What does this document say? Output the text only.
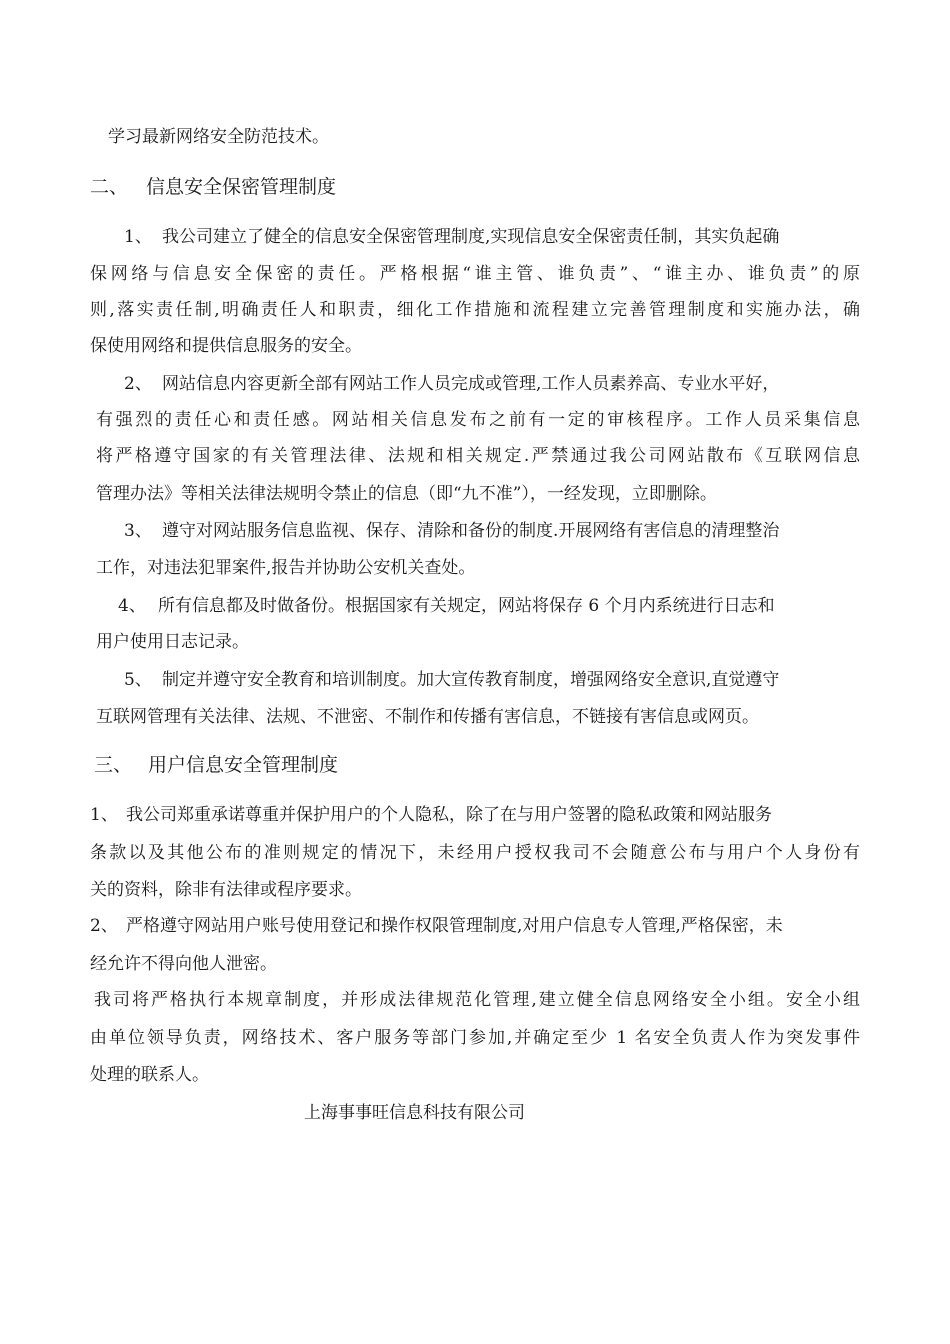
学习最新网络安全防范技术。
二、 信息安全保密管理制度
1、 我公司建立了健全的信息安全保密管理制度,实现信息安全保密责任制，其实负起确
保网络与信息安全保密的责任。严格根据“谁主管、谁负责”、“谁主办、谁负责”的原
则,落实责任制,明确责任人和职责，细化工作措施和流程建立完善管理制度和实施办法，确
保使用网络和提供信息服务的安全。
2、 网站信息内容更新全部有网站工作人员完成或管理,工作人员素养高、专业水平好，
有强烈的责任心和责任感。网站相关信息发布之前有一定的审核程序。工作人员采集信息
将严格遵守国家的有关管理法律、法规和相关规定.严禁通过我公司网站散布《互联网信息
管理办法》等相关法律法规明令禁止的信息（即“九不准”），一经发现，立即删除。
3、 遵守对网站服务信息监视、保存、清除和备份的制度.开展网络有害信息的清理整治
工作，对违法犯罪案件,报告并协助公安机关查处。
4、 所有信息都及时做备份。根据国家有关规定，网站将保存 6 个月内系统进行日志和
用户使用日志记录。
5、 制定并遵守安全教育和培训制度。加大宣传教育制度，增强网络安全意识,直觉遵守
互联网管理有关法律、法规、不泄密、不制作和传播有害信息，不链接有害信息或网页。
三、 用户信息安全管理制度
1、 我公司郑重承诺尊重并保护用户的个人隐私，除了在与用户签署的隐私政策和网站服务
条款以及其他公布的准则规定的情况下，未经用户授权我司不会随意公布与用户个人身份有
关的资料，除非有法律或程序要求。
2、 严格遵守网站用户账号使用登记和操作权限管理制度,对用户信息专人管理,严格保密，未
经允许不得向他人泄密。
我司将严格执行本规章制度，并形成法律规范化管理,建立健全信息网络安全小组。安全小组
由单位领导负责，网络技术、客户服务等部门参加,并确定至少 1 名安全负责人作为突发事件
处理的联系人。
上海事事旺信息科技有限公司
